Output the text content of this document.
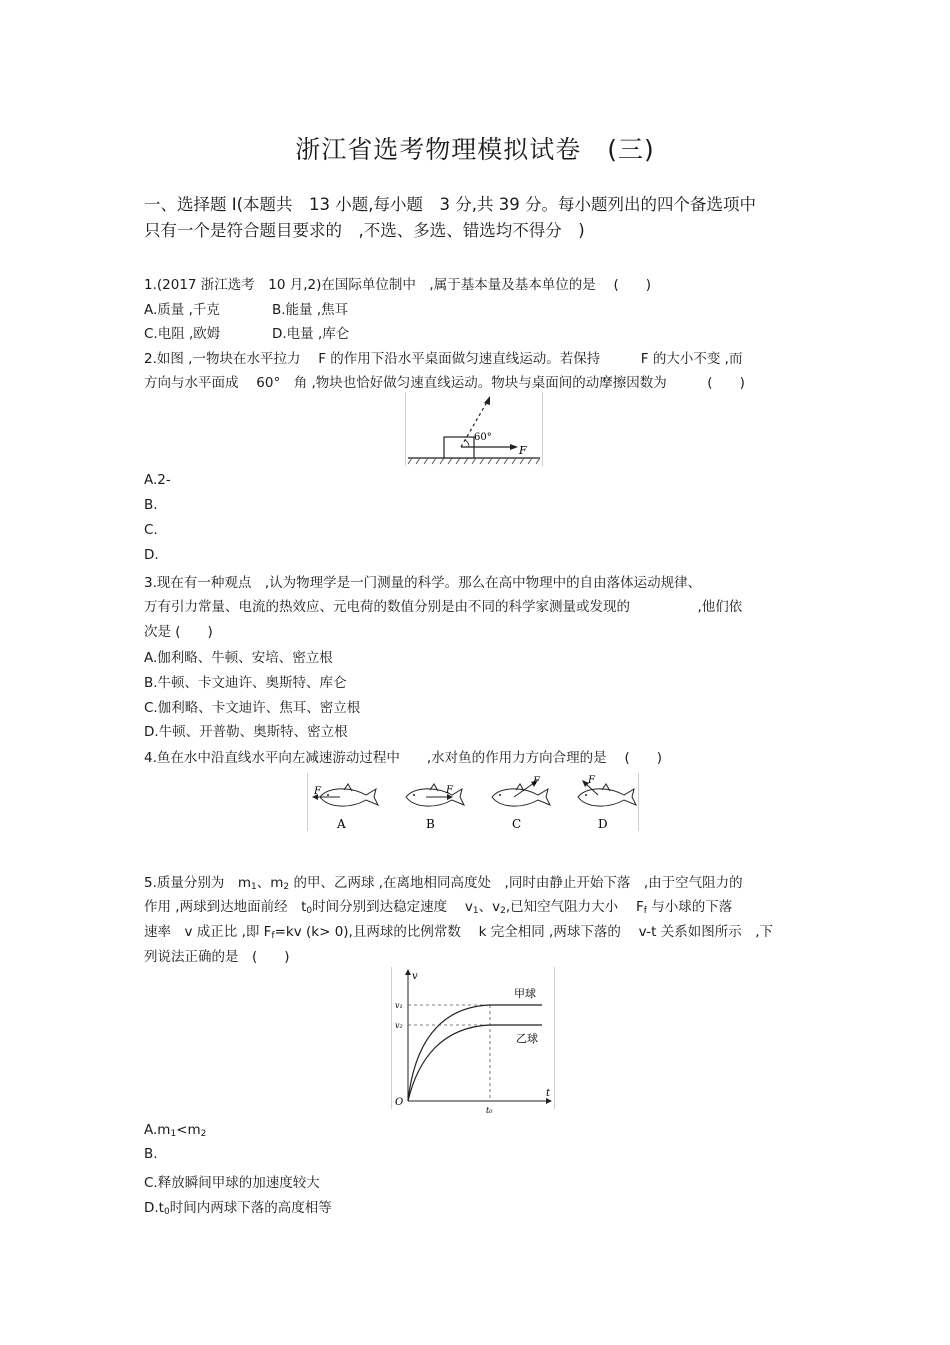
浙江省选考物理模拟试卷　(三)
一、选择题 Ⅰ(本题共　13 小题,每小题　3 分,共 39 分。每小题列出的四个备选项中
只有一个是符合题目要求的　,不选、多选、错选均不得分　)
1.(2017 浙江选考　10 月,2)在国际单位制中　,属于基本量及基本单位的是　 (　　)
A.质量 ,千克	B.能量 ,焦耳
C.电阻 ,欧姆	D.电量 ,库仑
2.如图 ,一物块在水平拉力　 F 的作用下沿水平桌面做匀速直线运动。若保持　　　F 的大小不变 ,而
方向与水平面成　 60°　角 ,物块也恰好做匀速直线运动。物块与桌面间的动摩擦因数为　　　(　　)
60°
F
A.2-
B.
C.
D.
3.现在有一种观点　,认为物理学是一门测量的科学。那么在高中物理中的自由落体运动规律、
万有引力常量、电流的热效应、元电荷的数值分别是由不同的科学家测量或发现的　　　　　,他们依
次是 (　　)
A.伽利略、牛顿、安培、密立根
B.牛顿、卡文迪许、奥斯特、库仑
C.伽利略、卡文迪许、焦耳、密立根
D.牛顿、开普勒、奥斯特、密立根
4.鱼在水中沿直线水平向左减速游动过程中　　,水对鱼的作用力方向合理的是　 (　　)
F
A
F
B
F
C
F
D
5.质量分别为　$m_1$、$m_2$ 的甲、乙两球 ,在离地相同高度处　,同时由静止开始下落　,由于空气阻力的
作用 ,两球到达地面前经　$t_0$时间分别到达稳定速度　 $v_1$、$v_2$,已知空气阻力大小　 $F_f$ 与小球的下落
速率　v 成正比 ,即 $F_f=kv$ (k> 0),且两球的比例常数　 k 完全相同 ,两球下落的　 v-t 关系如图所示　,下
列说法正确的是　(　　)
v
t
O
v₁
v₂
t₀
甲球
乙球
$A.m_1<m_2$
B.
C.释放瞬间甲球的加速度较大
$D.t_0$时间内两球下落的高度相等
